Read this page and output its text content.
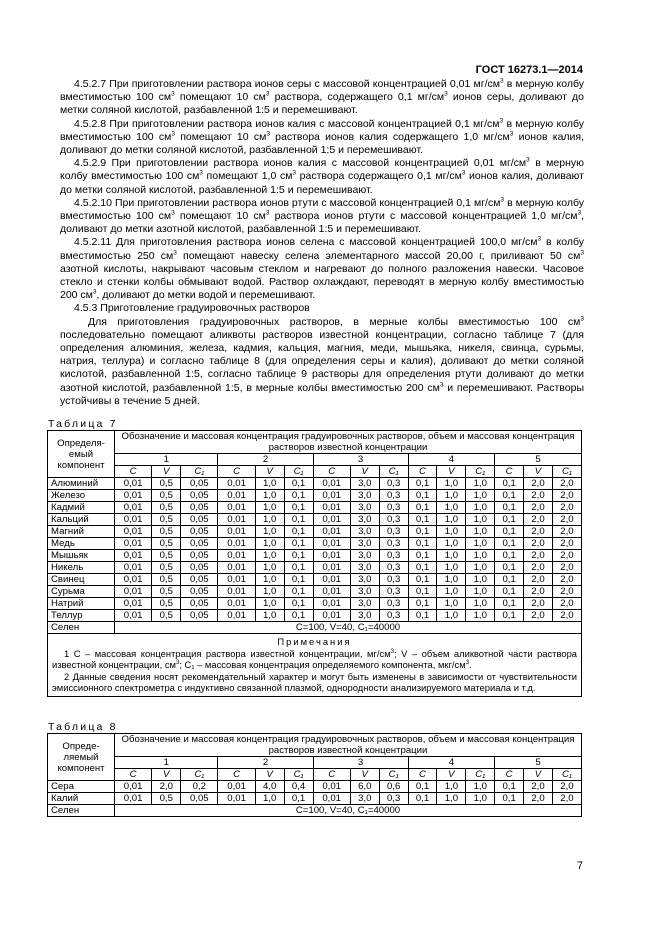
ГОСТ 16273.1—2014

4.5.2.7 При приготовлении раствора ионов серы с массовой концентрацией 0,01 $мг/см^3$ в мерную колбу вместимостью 100 $см^3$ помещают 10 $см^3$ раствора, содержащего 0,1 $мг/см^3$ ионов серы, доливают до метки соляной кислотой, разбавленной 1:5 и перемешивают.

4.5.2.8 При приготовлении раствора ионов калия с массовой концентрацией 0,1 $мг/см^3$ в мерную колбу вместимостью 100 $см^3$ помещают 10 $см^3$ раствора ионов калия содержащего 1,0 $мг/см^3$ ионов калия, доливают до метки соляной кислотой, разбавленной 1:5 и перемешивают.

4.5.2.9 При приготовлении раствора ионов калия с массовой концентрацией 0,01 $мг/см^3$ в мерную колбу вместимостью 100 $см^3$ помещают 1,0 $см^3$ раствора содержащего 0,1 $мг/см^3$ ионов калия, доливают до метки соляной кислотой, разбавленной 1:5 и перемешивают.

4.5.2.10 При приготовлении раствора ионов ртути с массовой концентрацией 0,1 $мг/см^3$ в мерную колбу вместимостью 100 $см^3$ помещают 10 $см^3$ раствора ионов ртути с массовой концентрацией 1,0 $мг/см^3$, доливают до метки азотной кислотой, разбавленной 1:5 и перемешивают.

4.5.2.11 Для приготовления раствора ионов селена с массовой концентрацией 100,0 $мг/см^3$ в колбу вместимостью 250 $см^3$ помещают навеску селена элементарного массой 20,00 г, приливают 50 $см^3$ азотной кислоты, накрывают часовым стеклом и нагревают до полного разложения навески. Часовое стекло и стенки колбы обмывают водой. Раствор охлаждают, переводят в мерную колбу вместимостью 200 $см^3$, доливают до метки водой и перемешивают.

4.5.3 Приготовление градуировочных растворов

Для приготовления градуировочных растворов, в мерные колбы вместимостью 100 $см^3$ последовательно помещают аликвоты растворов известной концентрации, согласно таблице 7 (для определения алюминия, железа, кадмия, кальция, магния, меди, мышьяка, никеля, свинца, сурьмы, натрия, теллура) и согласно таблице 8 (для определения серы и калия), доливают до метки соляной кислотой, разбавленной 1:5, согласно таблице 9 растворы для определения ртути доливают до метки азотной кислотой, разбавленной 1:5, в мерные колбы вместимостью 200 $см^3$ и перемешивают. Растворы устойчивы в течение 5 дней.

Таблица 7
Определя-емый компонент	Обозначение и массовая концентрация градуировочных растворов, объем и массовая концентрация растворов известной концентрации														
	1			2			3			4			5		
	C	V	C₁	C	V	C₁	C	V	C₁	C	V	C₁	C	V	C₁
Алюминий	0,01	0,5	0,05	0,01	1,0	0,1	0,01	3,0	0,3	0,1	1,0	1,0	0,1	2,0	2,0
Железо	0,01	0,5	0,05	0,01	1,0	0,1	0,01	3,0	0,3	0,1	1,0	1,0	0,1	2,0	2,0
Кадмий	0,01	0,5	0,05	0,01	1,0	0,1	0,01	3,0	0,3	0,1	1,0	1,0	0,1	2,0	2,0
Кальций	0,01	0,5	0,05	0,01	1,0	0,1	0,01	3,0	0,3	0,1	1,0	1,0	0,1	2,0	2,0
Магний	0,01	0,5	0,05	0,01	1,0	0,1	0,01	3,0	0,3	0,1	1,0	1,0	0,1	2,0	2,0
Медь	0,01	0,5	0,05	0,01	1,0	0,1	0,01	3,0	0,3	0,1	1,0	1,0	0,1	2,0	2,0
Мышьяк	0,01	0,5	0,05	0,01	1,0	0,1	0,01	3,0	0,3	0,1	1,0	1,0	0,1	2,0	2,0
Никель	0,01	0,5	0,05	0,01	1,0	0,1	0,01	3,0	0,3	0,1	1,0	1,0	0,1	2,0	2,0
Свинец	0,01	0,5	0,05	0,01	1,0	0,1	0,01	3,0	0,3	0,1	1,0	1,0	0,1	2,0	2,0
Сурьма	0,01	0,5	0,05	0,01	1,0	0,1	0,01	3,0	0,3	0,1	1,0	1,0	0,1	2,0	2,0
Натрий	0,01	0,5	0,05	0,01	1,0	0,1	0,01	3,0	0,3	0,1	1,0	1,0	0,1	2,0	2,0
Теллур	0,01	0,5	0,05	0,01	1,0	0,1	0,01	3,0	0,3	0,1	1,0	1,0	0,1	2,0	2,0
Селен	С=100, V=40, С₁=40000														

Примечания

1 С – массовая концентрация раствора известной концентрации, $мг/см^3$; V – объем аликвотной части раствора известной концентрации, $см^3$; С₁ – массовая концентрация определяемого компонента, мкг/$см^3$.

2 Данные сведения носят рекомендательный характер и могут быть изменены в зависимости от чувствительности эмиссионного спектрометра с индуктивно связанной плазмой, однородности анализируемого материала и т.д.															

Таблица 8
Опреде-ляемый компонент	Обозначение и массовая концентрация градуировочных растворов, объем и массовая концентрация растворов известной концентрации														
	1			2			3			4			5		
	C	V	C₁	C	V	C₁	C	V	C₁	C	V	C₁	C	V	C₁
Сера	0,01	2,0	0,2	0,01	4,0	0,4	0,01	6,0	0,6	0,1	1,0	1,0	0,1	2,0	2,0
Калий	0,01	0,5	0,05	0,01	1,0	0,1	0,01	3,0	0,3	0,1	1,0	1,0	0,1	2,0	2,0
Селен	С=100, V=40, С₁=40000														
7
